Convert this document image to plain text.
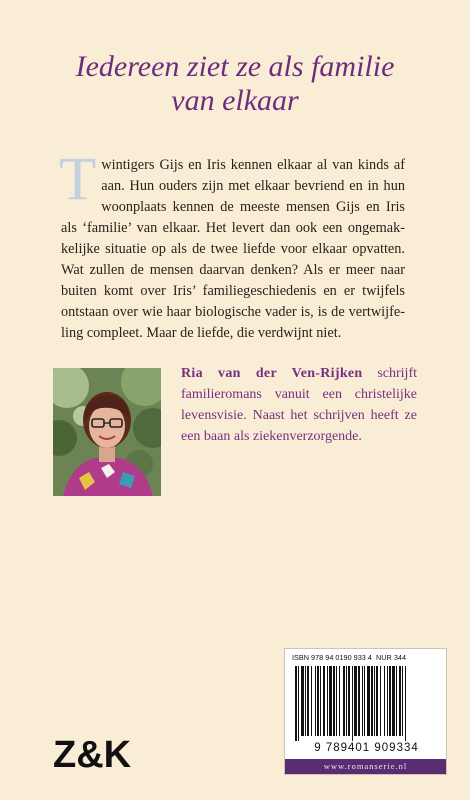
Iedereen ziet ze als familie
van elkaar

Twintigers Gijs en Iris kennen elkaar al van kinds af aan. Hun ouders zijn met elkaar bevriend en in hun woonplaats kennen de meeste mensen Gijs en Iris als ‘familie’ van elkaar. Het levert dan ook een ongemakkelijke situatie op als de twee liefde voor elkaar opvatten. Wat zullen de mensen daarvan denken? Als er meer naar buiten komt over Iris’ familiegeschiedenis en er twijfels ontstaan over wie haar biologische vader is, is de vertwijfeling compleet. Maar de liefde, die verdwijnt niet.

Ria van der Ven-Rijken schrijft familieromans vanuit een christelijke levensvisie. Naast het schrijven heeft ze een baan als ziekenverzorgende.

ISBN 978 94 0190 933 4 NUR 344
9 789401 909334
www.romanserie.nl
Z&K
